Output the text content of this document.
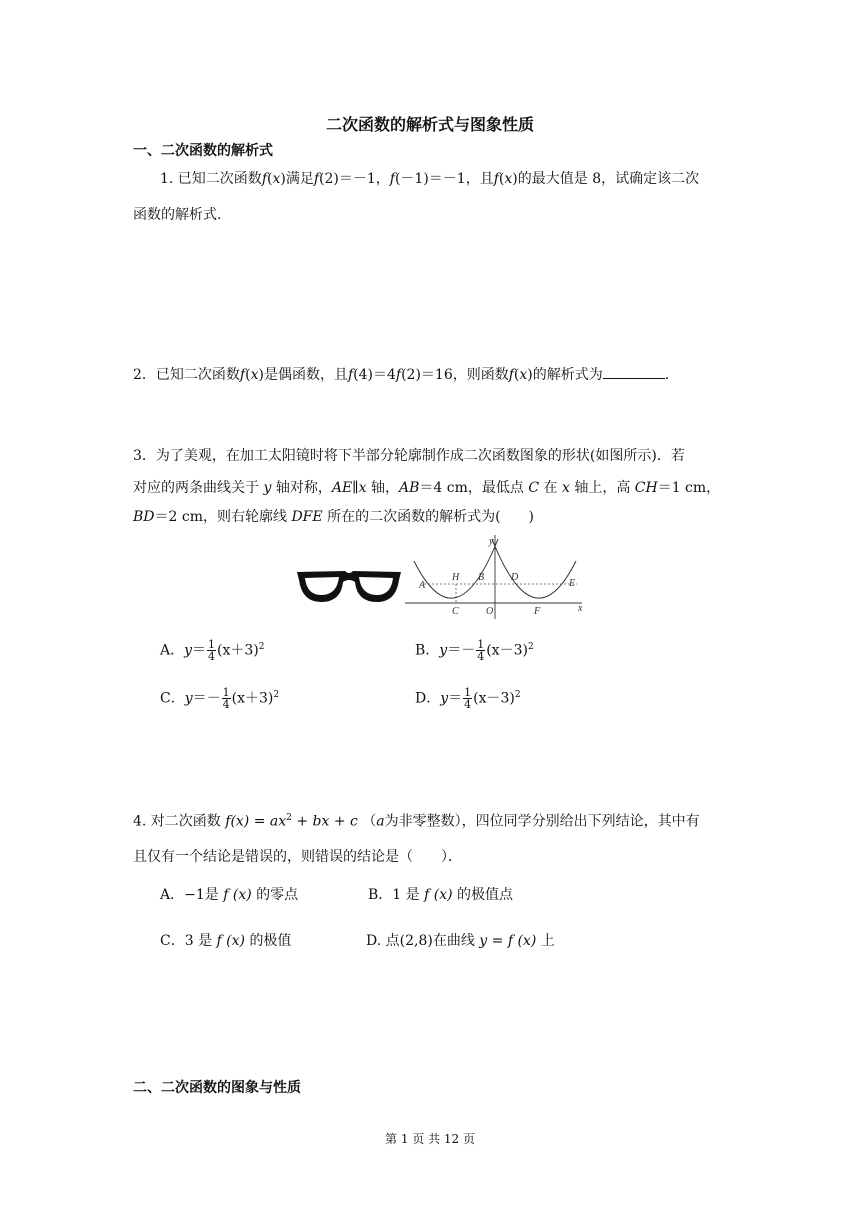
二次函数的解析式与图象性质
一、二次函数的解析式
1. 已知二次函数f(x)满足f(2)＝－1，f(－1)＝－1，且f(x)的最大值是 8，试确定该二次
函数的解析式.
2．已知二次函数f(x)是偶函数，且f(4)＝4f(2)＝16，则函数f(x)的解析式为	.
3．为了美观，在加工太阳镜时将下半部分轮廓制作成二次函数图象的形状(如图所示)．若
对应的两条曲线关于 y 轴对称，AE∥x 轴，AB＝4 cm，最低点 C 在 x 轴上，高 CH＝1 cm，
BD＝2 cm，则右轮廓线 DFE 所在的二次函数的解析式为(　　)
y
A
H B	D
E
C	O	F	x
A．$y= \frac{1}{4} (x+3)^2$	B．$y=- \frac{1}{4} (x-3)^2$
C．$y=- \frac{1}{4} (x+3)^2$	D．$y= \frac{1}{4} (x-3)^2$
4. 对二次函数 $f(x) = ax^2$ + bx + c （a为非零整数），四位同学分别给出下列结论，其中有
且仅有一个结论是错误的，则错误的结论是（　　）．
A．−1是 f (x) 的零点	B．1 是 f (x) 的极值点
C．3 是 f (x) 的极值	D. 点(2,8)在曲线 y = f (x) 上
二、二次函数的图象与性质
第 1 页 共 12 页
